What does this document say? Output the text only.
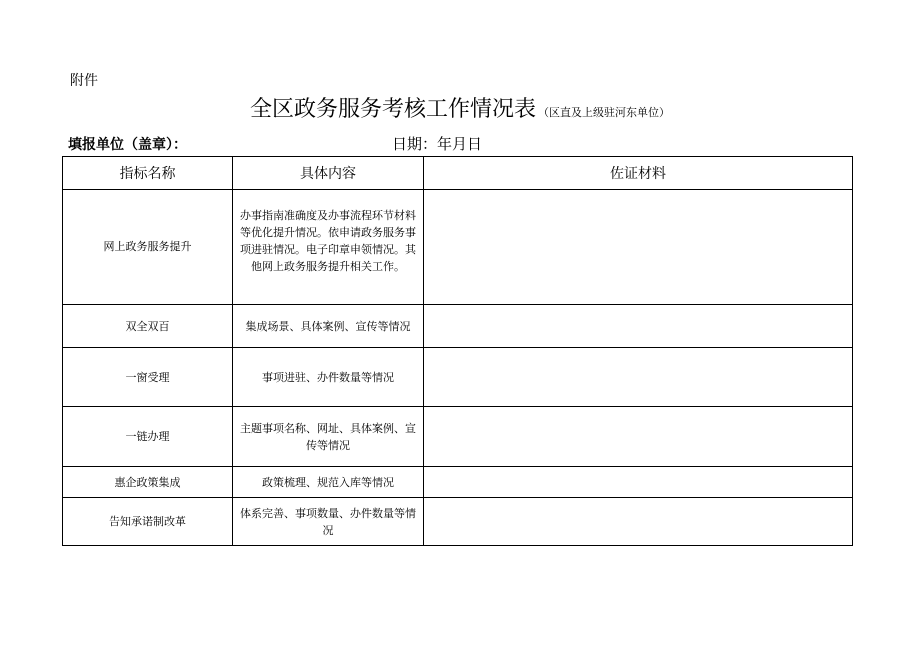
附件
全区政务服务考核工作情况表 （区直及上级驻河东单位）
填报单位（盖章）：	日期：年月日
指标名称	具体内容	佐证材料
网上政务服务提升	办事指南准确度及办事流程环节材料等优化提升情况。依申请政务服务事项进驻情况。电子印章申领情况。其他网上政务服务提升相关工作。	
双全双百	集成场景、具体案例、宣传等情况	
一窗受理	事项进驻、办件数量等情况	
一链办理	主题事项名称、网址、具体案例、宣传等情况	
惠企政策集成	政策梳理、规范入库等情况	
告知承诺制改革	体系完善、事项数量、办件数量等情况	
